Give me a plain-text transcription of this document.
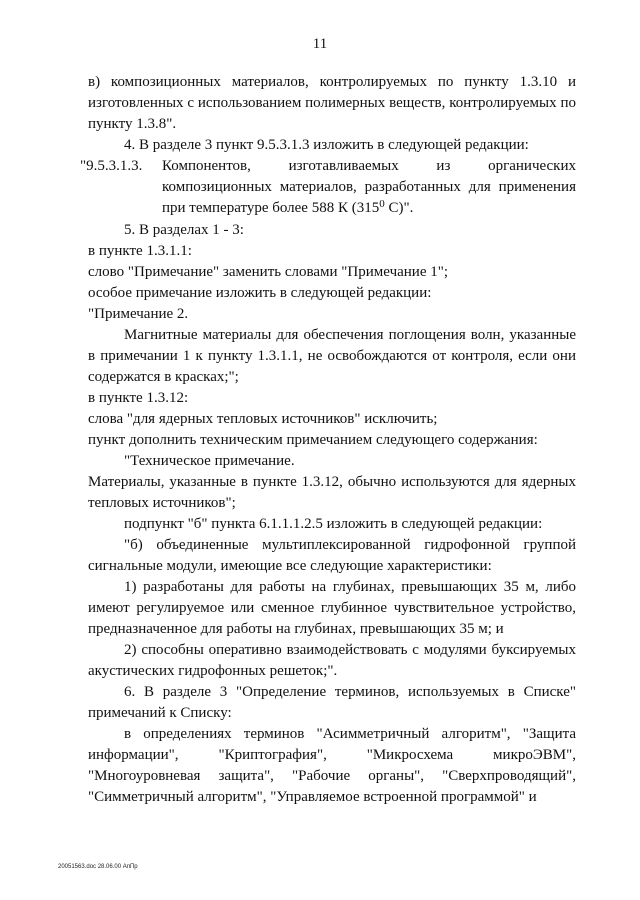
11

в) композиционных материалов, контролируемых по пункту 1.3.10 и изготовленных с использованием полимерных веществ, контролируемых по пункту 1.3.8".

4. В разделе 3 пункт 9.5.3.1.3 изложить в следующей редакции:

"9.5.3.1.3.	Компонентов, изготавливаемых из органических композиционных материалов, разработанных для применения при температуре более 588 К ($315^0$ С)".

5. В разделах 1 - 3:

в пункте 1.3.1.1:

слово "Примечание" заменить словами "Примечание 1";

особое примечание изложить в следующей редакции:

"Примечание 2.

Магнитные материалы для обеспечения поглощения волн, указанные в примечании 1 к пункту 1.3.1.1, не освобождаются от контроля, если они содержатся в красках;";

в пункте 1.3.12:

слова "для ядерных тепловых источников" исключить;

пункт дополнить техническим примечанием следующего содержания:

"Техническое примечание.

Материалы, указанные в пункте 1.3.12, обычно используются для ядерных тепловых источников";

подпункт "б" пункта 6.1.1.1.2.5 изложить в следующей редакции:

"б) объединенные мультиплексированной гидрофонной группой сигнальные модули, имеющие все следующие характеристики:

1) разработаны для работы на глубинах, превышающих 35 м, либо имеют регулируемое или сменное глубинное чувствительное устройство, предназначенное для работы на глубинах, превышающих 35 м; и

2) способны оперативно взаимодействовать с модулями буксируемых акустических гидрофонных решеток;".

6. В разделе 3 "Определение терминов, используемых в Списке" примечаний к Списку:

в определениях терминов "Асимметричный алгоритм", "Защита информации", "Криптография", "Микросхема микроЭВМ", "Многоуровневая защита", "Рабочие органы", "Сверхпроводящий", "Симметричный алгоритм", "Управляемое встроенной программой" и

20051563.doc 28.06.00 АпПр
